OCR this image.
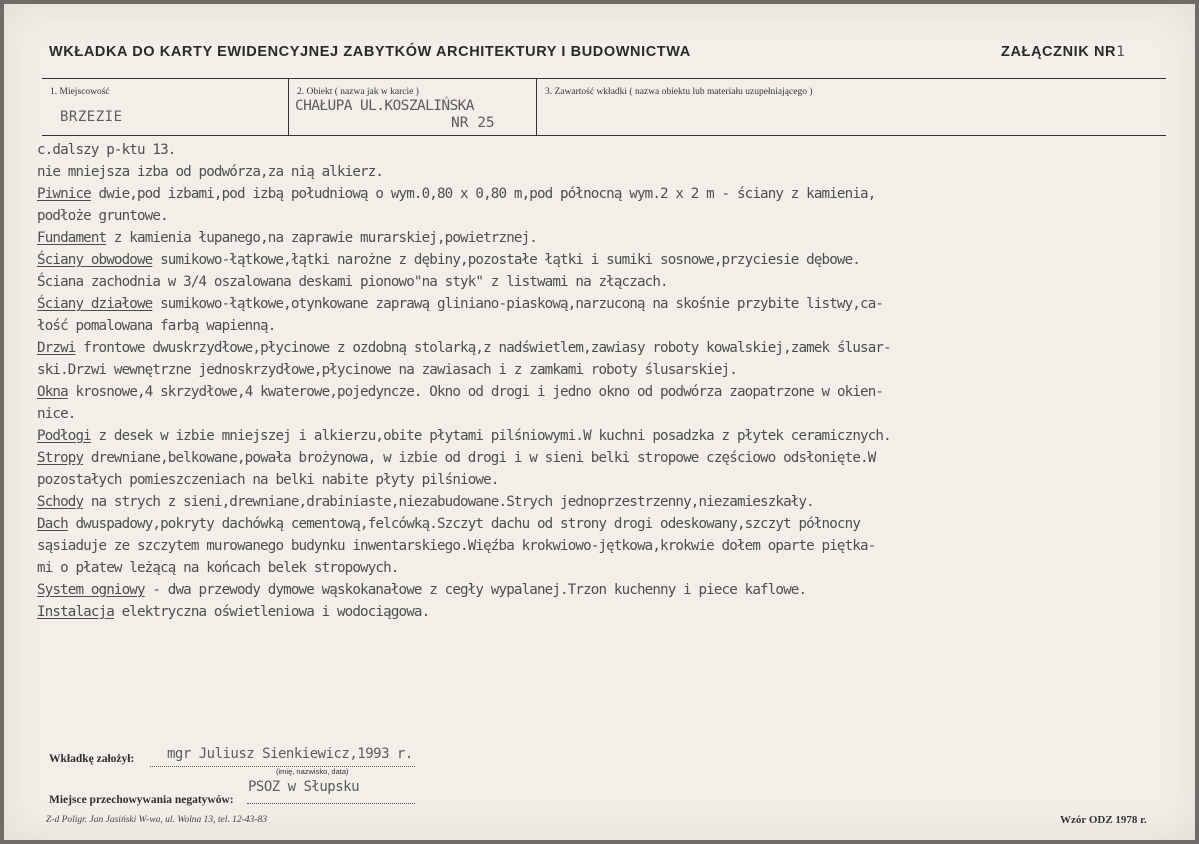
WKŁADKA DO KARTY EWIDENCYJNEJ ZABYTKÓW ARCHITEKTURY I BUDOWNICTWA	ZAŁĄCZNIK NR1
1. Miejscowość
BRZEZIE
2. Obiekt ( nazwa jak w karcie )
CHAŁUPA UL.KOSZALIŃSKA
NR 25
3. Zawartość wkładki ( nazwa obiektu lub materiału uzupełniającego )

c.dalszy p-ktu 13.

nie mniejsza izba od podwórza,za nią alkierz.

Piwnice dwie,pod izbami,pod izbą południową o wym.0,80 x 0,80 m,pod północną wym.2 x 2 m - ściany z kamienia,

podłoże gruntowe.

Fundament z kamienia łupanego,na zaprawie murarskiej,powietrznej.

Ściany obwodowe sumikowo-łątkowe,łątki narożne z dębiny,pozostałe łątki i sumiki sosnowe,przyciesie dębowe.

Ściana zachodnia w 3/4 oszalowana deskami pionowo"na styk" z listwami na złączach.

Ściany działowe sumikowo-łątkowe,otynkowane zaprawą gliniano-piaskową,narzuconą na skośnie przybite listwy,ca-

łość pomalowana farbą wapienną.

Drzwi frontowe dwuskrzydłowe,płycinowe z ozdobną stolarką,z nadświetlem,zawiasy roboty kowalskiej,zamek ślusar-

ski.Drzwi wewnętrzne jednoskrzydłowe,płycinowe na zawiasach i z zamkami roboty ślusarskiej.

Okna krosnowe,4 skrzydłowe,4 kwaterowe,pojedyncze. Okno od drogi i jedno okno od podwórza zaopatrzone w okien-

nice.

Podłogi z desek w izbie mniejszej i alkierzu,obite płytami pilśniowymi.W kuchni posadzka z płytek ceramicznych.

Stropy drewniane,belkowane,powała brożynowa, w izbie od drogi i w sieni belki stropowe częściowo odsłonięte.W

pozostałych pomieszczeniach na belki nabite płyty pilśniowe.

Schody na strych z sieni,drewniane,drabiniaste,niezabudowane.Strych jednoprzestrzenny,niezamieszkały.

Dach dwuspadowy,pokryty dachówką cementową,felcówką.Szczyt dachu od strony drogi odeskowany,szczyt północny

sąsiaduje ze szczytem murowanego budynku inwentarskiego.Więźba krokwiowo-jętkowa,krokwie dołem oparte piętka-

mi o płatew leżącą na końcach belek stropowych.

System ogniowy - dwa przewody dymowe wąskokanałowe z cegły wypalanej.Trzon kuchenny i piece kaflowe.

Instalacja elektryczna oświetleniowa i wodociągowa.

Wkładkę założył: mgr Juliusz Sienkiewicz,1993 r.
(imię, nazwisko, data)
PSOZ w Słupsku
Miejsce przechowywania negatywów:
Z-d Poligr. Jan Jasiński W-wa, ul. Wolna 13, tel. 12-43-83	Wzór ODZ 1978 r.
